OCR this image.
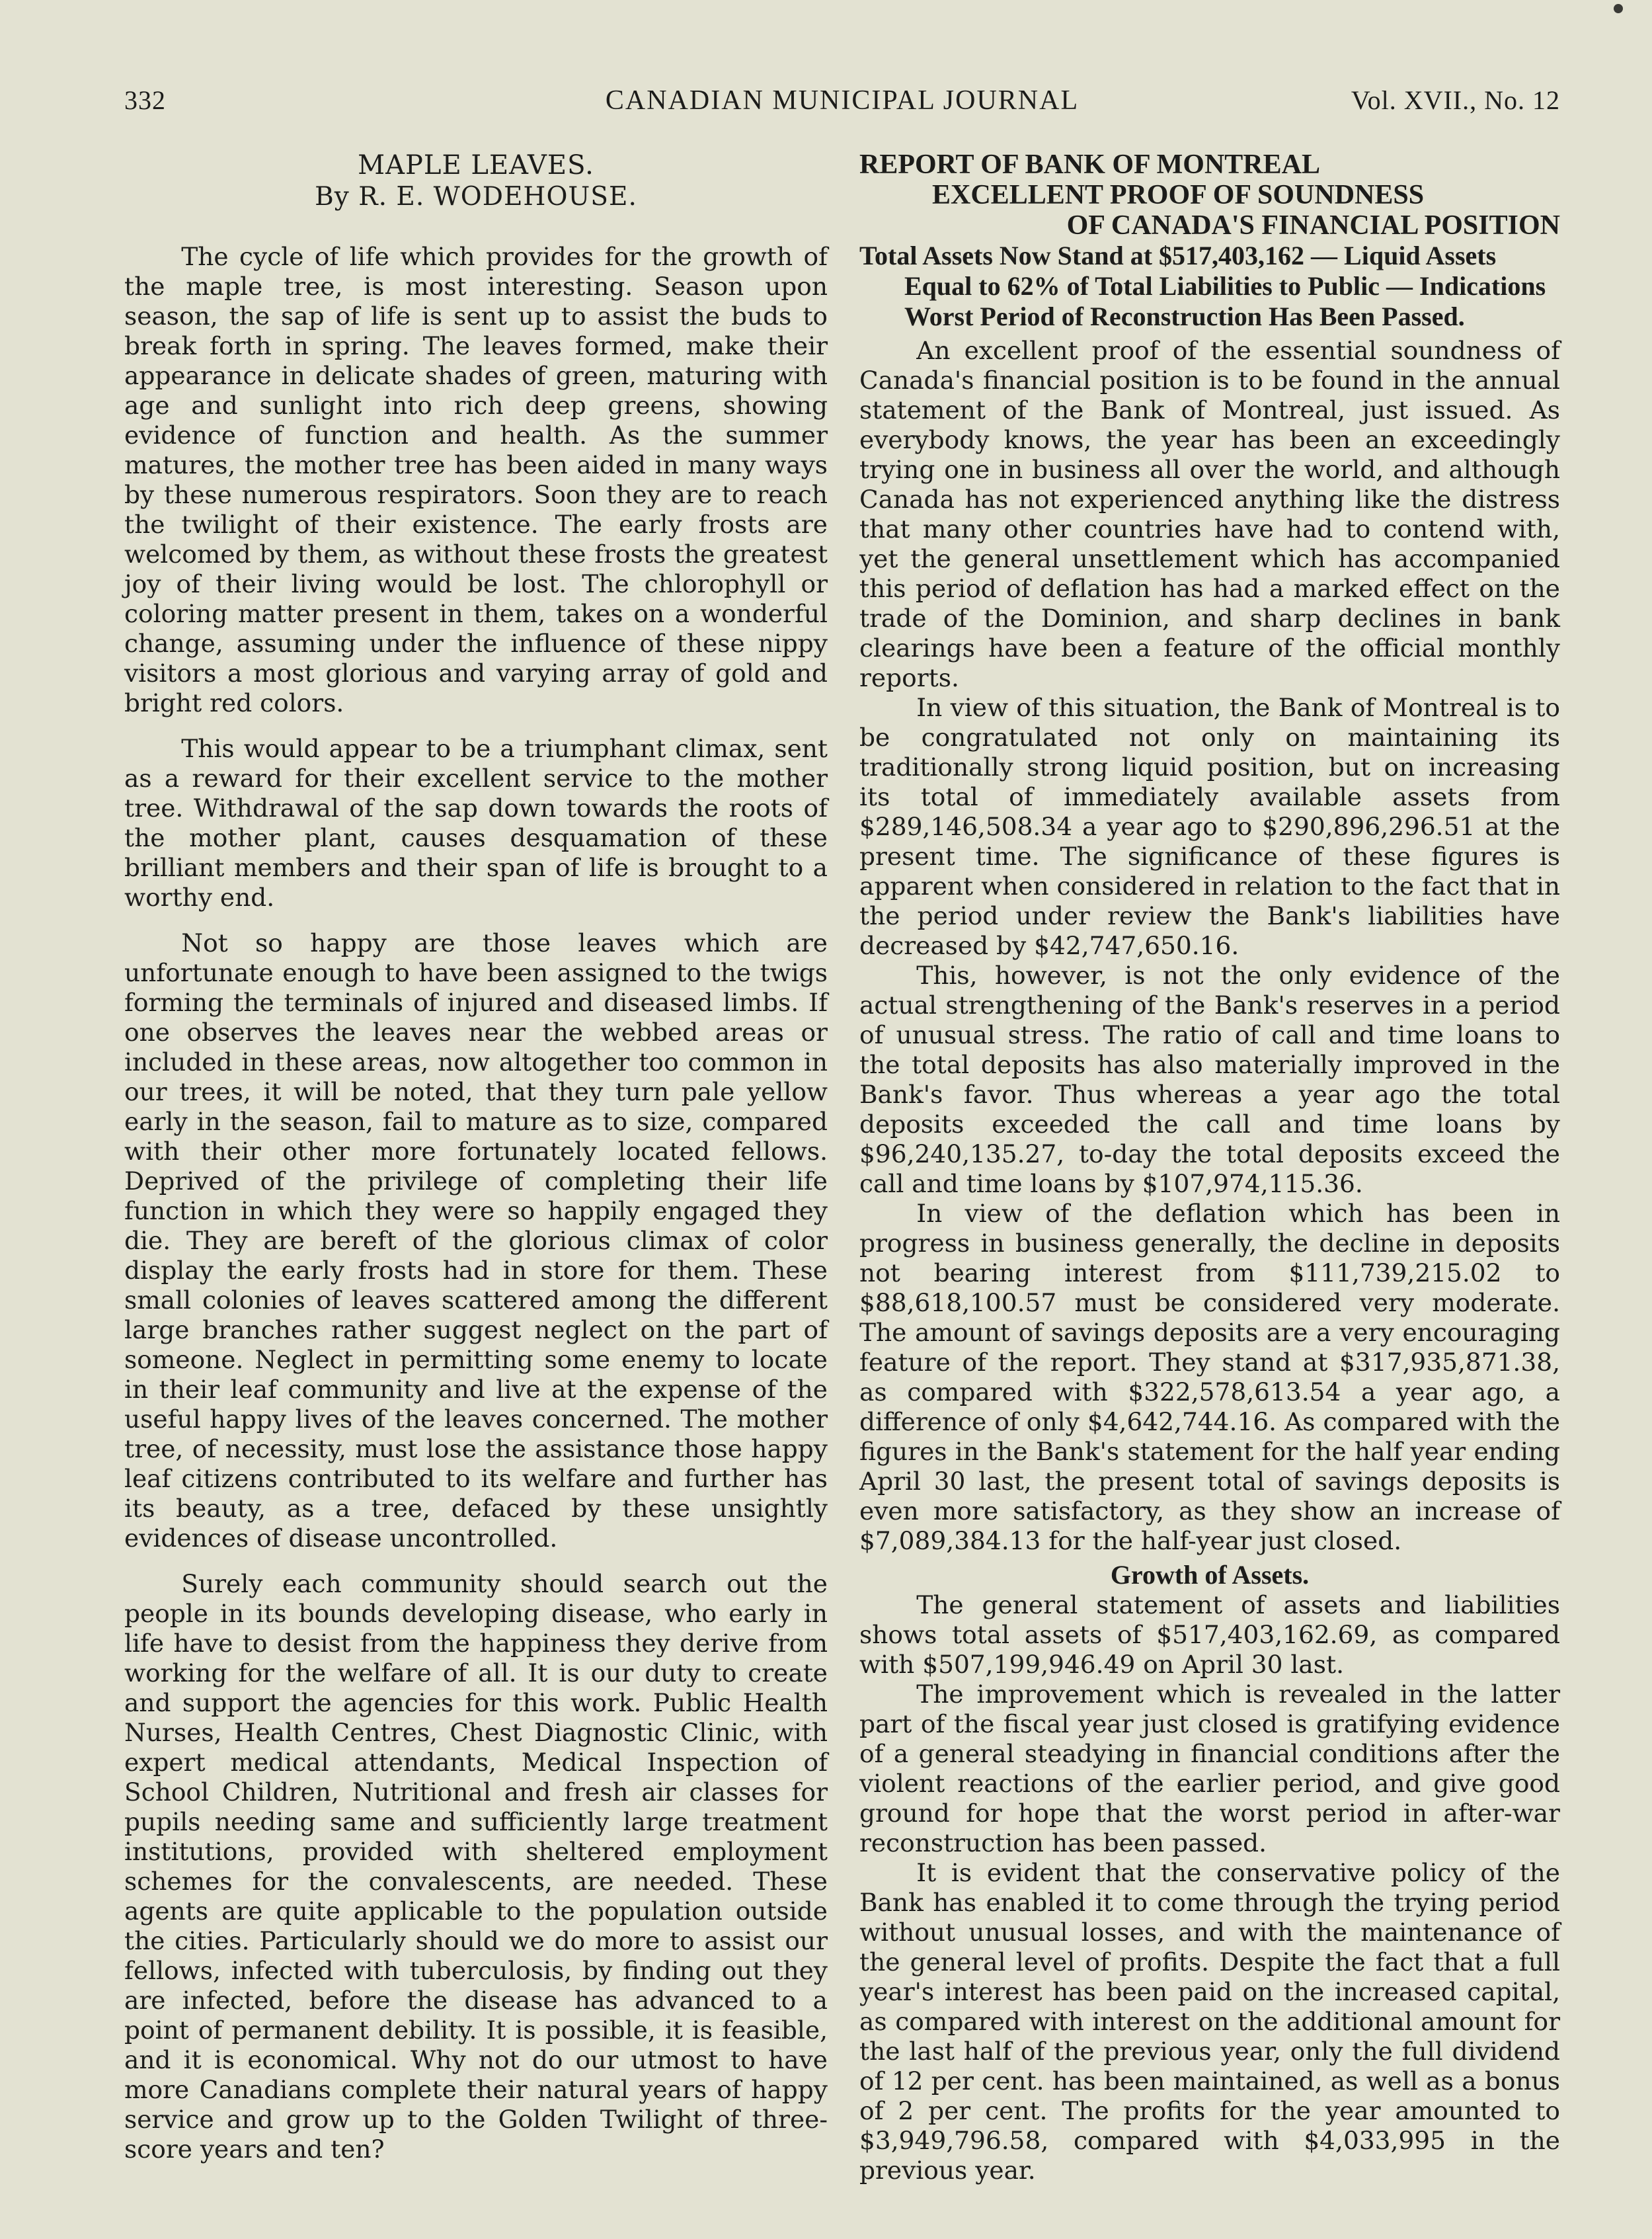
332	CANADIAN MUNICIPAL JOURNAL	Vol. XVII., No. 12
MAPLE LEAVES.
By R. E. WODEHOUSE.

The cycle of life which provides for the growth of the maple tree, is most interesting. Season upon season, the sap of life is sent up to assist the buds to break forth in spring. The leaves formed, make their appearance in delicate shades of green, maturing with age and sunlight into rich deep greens, showing evidence of function and health. As the summer matures, the mother tree has been aided in many ways by these numerous respirators. Soon they are to reach the twilight of their existence. The early frosts are welcomed by them, as without these frosts the greatest joy of their living would be lost. The chlorophyll or coloring matter present in them, takes on a wonderful change, assuming under the influence of these nippy visitors a most glorious and varying array of gold and bright red colors.

This would appear to be a triumphant climax, sent as a reward for their excellent service to the mother tree. Withdrawal of the sap down towards the roots of the mother plant, causes desquamation of these brilliant members and their span of life is brought to a worthy end.

Not so happy are those leaves which are unfortunate enough to have been assigned to the twigs forming the terminals of injured and diseased limbs. If one observes the leaves near the webbed areas or included in these areas, now altogether too common in our trees, it will be noted, that they turn pale yellow early in the season, fail to mature as to size, compared with their other more fortunately located fellows. Deprived of the privilege of completing their life function in which they were so happily engaged they die. They are bereft of the glorious climax of color display the early frosts had in store for them. These small colonies of leaves scattered among the different large branches rather suggest neglect on the part of someone. Neglect in permitting some enemy to locate in their leaf community and live at the expense of the useful happy lives of the leaves concerned. The mother tree, of necessity, must lose the assistance those happy leaf citizens contributed to its welfare and further has its beauty, as a tree, defaced by these unsightly evidences of disease uncontrolled.

Surely each community should search out the people in its bounds developing disease, who early in life have to desist from the happiness they derive from working for the welfare of all. It is our duty to create and support the agencies for this work. Public Health Nurses, Health Centres, Chest Diagnostic Clinic, with expert medical attendants, Medical Inspection of School Children, Nutritional and fresh air classes for pupils needing same and sufficiently large treatment institutions, provided with sheltered employment schemes for the convalescents, are needed. These agents are quite applicable to the population outside the cities. Particularly should we do more to assist our fellows, infected with tuberculosis, by finding out they are infected, before the disease has advanced to a point of permanent debility. It is possible, it is feasible, and it is economical. Why not do our utmost to have more Canadians complete their natural years of happy service and grow up to the Golden Twilight of three-score years and ten?

REPORT OF BANK OF MONTREAL
EXCELLENT PROOF OF SOUNDNESS
OF CANADA'S FINANCIAL POSITION
Total Assets Now Stand at $517,403,162 — Liquid Assets Equal to 62% of Total Liabilities to Public — Indications Worst Period of Reconstruction Has Been Passed.

An excellent proof of the essential soundness of Canada's financial position is to be found in the annual statement of the Bank of Montreal, just issued. As everybody knows, the year has been an exceedingly trying one in business all over the world, and although Canada has not experienced anything like the distress that many other countries have had to contend with, yet the general unsettlement which has accompanied this period of deflation has had a marked effect on the trade of the Dominion, and sharp declines in bank clearings have been a feature of the official monthly reports.

In view of this situation, the Bank of Montreal is to be congratulated not only on maintaining its traditionally strong liquid position, but on increasing its total of immediately available assets from $289,146,508.34 a year ago to $290,896,296.51 at the present time. The significance of these figures is apparent when considered in relation to the fact that in the period under review the Bank's liabilities have decreased by $42,747,650.16.

This, however, is not the only evidence of the actual strengthening of the Bank's reserves in a period of unusual stress. The ratio of call and time loans to the total deposits has also materially improved in the Bank's favor. Thus whereas a year ago the total deposits exceeded the call and time loans by $96,240,135.27, to-day the total deposits exceed the call and time loans by $107,974,115.36.

In view of the deflation which has been in progress in business generally, the decline in deposits not bearing interest from $111,739,215.02 to $88,618,100.57 must be considered very moderate. The amount of savings deposits are a very encouraging feature of the report. They stand at $317,935,871.38, as compared with $322,578,613.54 a year ago, a difference of only $4,642,744.16. As compared with the figures in the Bank's statement for the half year ending April 30 last, the present total of savings deposits is even more satisfactory, as they show an increase of $7,089,384.13 for the half-year just closed.

Growth of Assets.

The general statement of assets and liabilities shows total assets of $517,403,162.69, as compared with $507,199,946.49 on April 30 last.

The improvement which is revealed in the latter part of the fiscal year just closed is gratifying evidence of a general steadying in financial conditions after the violent reactions of the earlier period, and give good ground for hope that the worst period in after-war reconstruction has been passed.

It is evident that the conservative policy of the Bank has enabled it to come through the trying period without unusual losses, and with the maintenance of the general level of profits. Despite the fact that a full year's interest has been paid on the increased capital, as compared with interest on the additional amount for the last half of the previous year, only the full dividend of 12 per cent. has been maintained, as well as a bonus of 2 per cent. The profits for the year amounted to $3,949,796.58, compared with $4,033,995 in the previous year.
